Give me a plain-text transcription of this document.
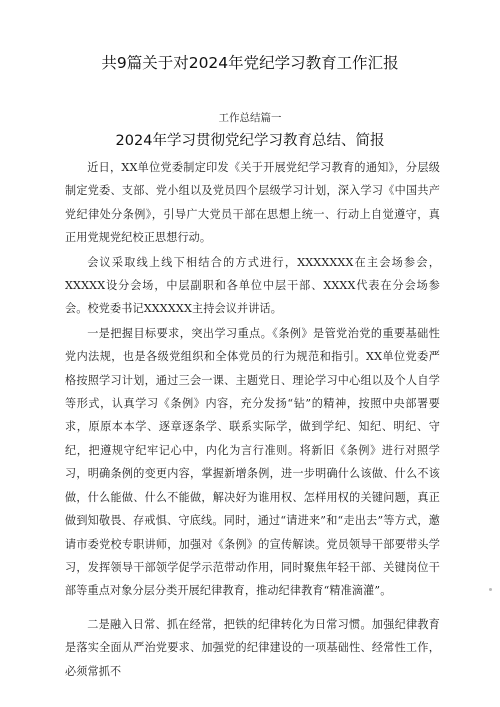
共9篇关于对2024年党纪学习教育工作汇报
工作总结篇一
2024年学习贯彻党纪学习教育总结、简报

近日，XX单位党委制定印发《关于开展党纪学习教育的通知》，分层级制定党委、支部、党小组以及党员四个层级学习计划，深入学习《中国共产党纪律处分条例》，引导广大党员干部在思想上统一、行动上自觉遵守，真正用党规党纪校正思想行动。

会议采取线上线下相结合的方式进行，XXXXXXX在主会场参会，XXXXX设分会场，中层副职和各单位中层干部、XXXX代表在分会场参会。校党委书记XXXXXX主持会议并讲话。

一是把握目标要求，突出学习重点。《条例》是管党治党的重要基础性党内法规，也是各级党组织和全体党员的行为规范和指引。XX单位党委严格按照学习计划，通过三会一课、主题党日、理论学习中心组以及个人自学等形式，认真学习《条例》内容，充分发扬“钻”的精神，按照中央部署要求，原原本本学、逐章逐条学、联系实际学，做到学纪、知纪、明纪、守纪，把遵规守纪牢记心中，内化为言行准则。将新旧《条例》进行对照学习，明确条例的变更内容，掌握新增条例，进一步明确什么该做、什么不该做，什么能做、什么不能做，解决好为谁用权、怎样用权的关键问题，真正做到知敬畏、存戒惧、守底线。同时，通过“请进来”和“走出去”等方式，邀请市委党校专职讲师，加强对《条例》的宣传解读。党员领导干部要带头学习，发挥领导干部领学促学示范带动作用，同时聚焦年轻干部、关键岗位干部等重点对象分层分类开展纪律教育，推动纪律教育“精准滴灌”。

二是融入日常、抓在经常，把铁的纪律转化为日常习惯。加强纪律教育是落实全面从严治党要求、加强党的纪律建设的一项基础性、经常性工作，必须常抓不
